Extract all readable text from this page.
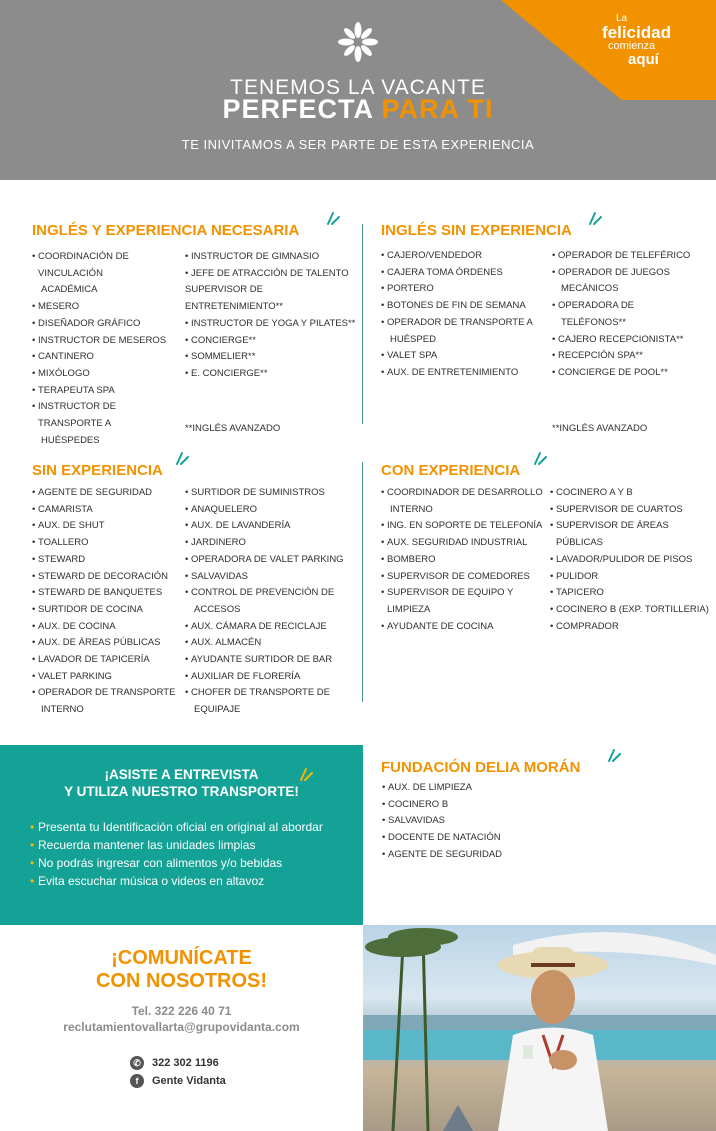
La
felicidad
comienza
aquí
TENEMOS LA VACANTE
PERFECTA PARA TI
TE INIVITAMOS A SER PARTE DE ESTA EXPERIENCIA
INGLÉS Y EXPERIENCIA NECESARIA
• COORDINACIÓN DE VINCULACIÓN
ACADÉMICA
• MESERO
• DISEÑADOR GRÁFICO
• INSTRUCTOR DE MESEROS
• CANTINERO
• MIXÓLOGO
• TERAPEUTA SPA
• INSTRUCTOR DE TRANSPORTE A
HUÉSPEDES
• INSTRUCTOR DE GIMNASIO
• JEFE DE ATRACCIÓN DE TALENTO
SUPERVISOR DE ENTRETENIMIENTO**
• INSTRUCTOR DE YOGA Y PILATES**
• CONCIERGE**
• SOMMELIER**
• E. CONCIERGE**
**INGLÉS AVANZADO
INGLÉS SIN EXPERIENCIA
• CAJERO/VENDEDOR
• CAJERA TOMA ÓRDENES
• PORTERO
• BOTONES DE FIN DE SEMANA
• OPERADOR DE TRANSPORTE A
HUÉSPED
• VALET SPA
• AUX. DE ENTRETENIMIENTO
• OPERADOR DE TELEFÉRICO
• OPERADOR DE JUEGOS
MECÁNICOS
• OPERADORA DE
TELÉFONOS**
• CAJERO RECEPCIONISTA**
• RECEPCIÓN SPA**
• CONCIERGE DE POOL**
**INGLÉS AVANZADO
SIN EXPERIENCIA
• AGENTE DE SEGURIDAD
• CAMARISTA
• AUX. DE SHUT
• TOALLERO
• STEWARD
• STEWARD DE DECORACIÓN
• STEWARD DE BANQUETES
• SURTIDOR DE COCINA
• AUX. DE COCINA
• AUX. DE ÁREAS PÚBLICAS
• LAVADOR DE TAPICERÍA
• VALET PARKING
• OPERADOR DE TRANSPORTE
INTERNO
• SURTIDOR DE SUMINISTROS
• ANAQUELERO
• AUX. DE LAVANDERÍA
• JARDINERO
• OPERADORA DE VALET PARKING
• SALVAVIDAS
• CONTROL DE PREVENCIÓN DE
ACCESOS
• AUX. CÁMARA DE RECICLAJE
• AUX. ALMACÉN
• AYUDANTE SURTIDOR DE BAR
• AUXILIAR DE FLORERÍA
• CHOFER DE TRANSPORTE DE
EQUIPAJE
CON EXPERIENCIA
• COORDINADOR DE DESARROLLO
INTERNO
• ING. EN SOPORTE DE TELEFONÍA
• AUX. SEGURIDAD INDUSTRIAL
• BOMBERO
• SUPERVISOR DE COMEDORES
• SUPERVISOR DE EQUIPO Y
LIMPIEZA
• AYUDANTE DE COCINA
• COCINERO A Y B
• SUPERVISOR DE CUARTOS
• SUPERVISOR DE ÁREAS PÚBLICAS
• LAVADOR/PULIDOR DE PISOS
• PULIDOR
• TAPICERO
• COCINERO B (EXP. TORTILLERIA)
• COMPRADOR
¡ASISTE A ENTREVISTA
Y UTILIZA NUESTRO TRANSPORTE!
• Presenta tu Identificación oficial en original al abordar
• Recuerda mantener las unidades limpias
• No podrás ingresar con alimentos y/o bebidas
• Evita escuchar música o videos en altavoz
FUNDACIÓN DELIA MORÁN
• AUX. DE LIMPIEZA
• COCINERO B
• SALVAVIDAS
• DOCENTE DE NATACIÓN
• AGENTE DE SEGURIDAD
¡COMUNÍCATE
CON NOSOTROS!
Tel. 322 226 40 71
reclutamientovallarta@grupovidanta.com
✆ 322 302 1196
f	Gente Vidanta
